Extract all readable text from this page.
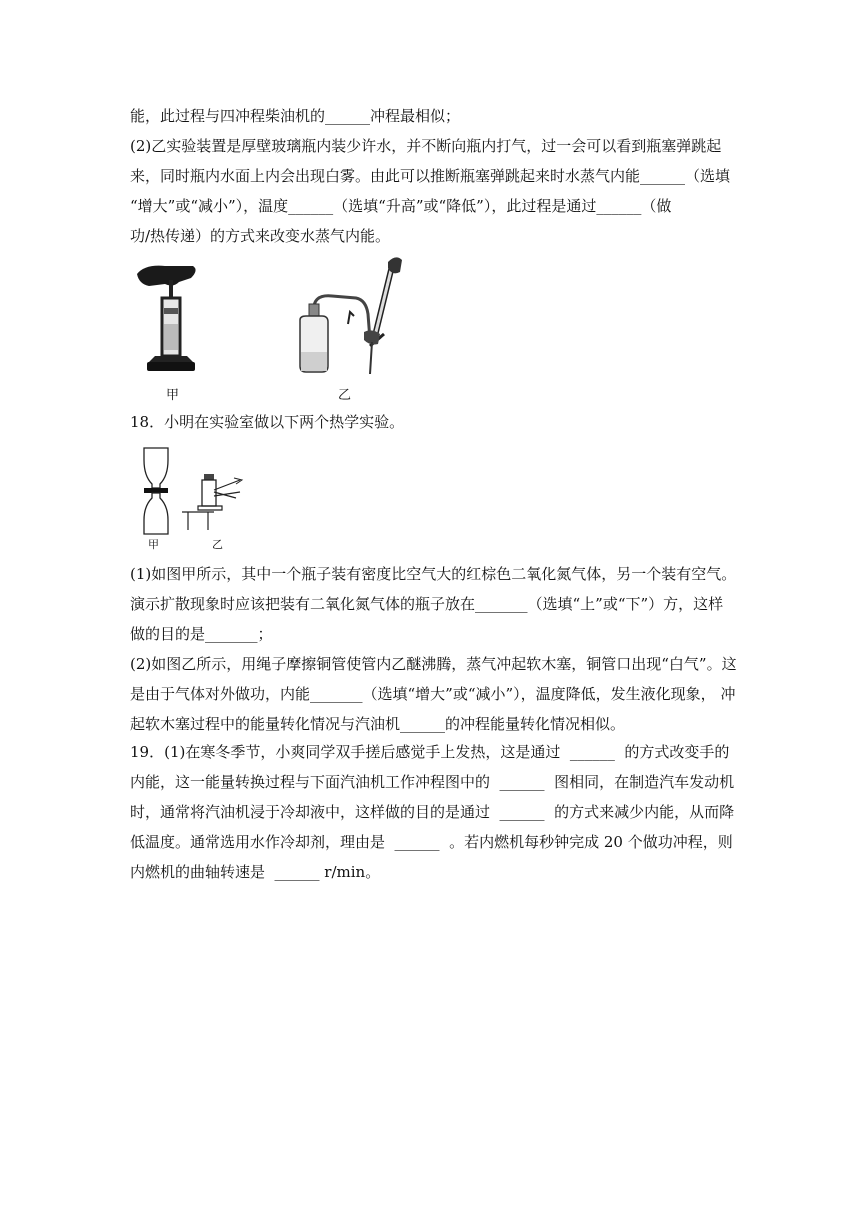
能，此过程与四冲程柴油机的______冲程最相似；
(2)乙实验装置是厚壁玻璃瓶内装少许水，并不断向瓶内打气，过一会可以看到瓶塞弹跳起
来，同时瓶内水面上内会出现白雾。由此可以推断瓶塞弹跳起来时水蒸气内能______（选填
“增大”或“减小”），温度______（选填“升高”或“降低”），此过程是通过______（做
功/热传递）的方式来改变水蒸气内能。
甲	乙
18．小明在实验室做以下两个热学实验。
甲	乙
(1)如图甲所示，其中一个瓶子装有密度比空气大的红棕色二氧化氮气体，另一个装有空气。
演示扩散现象时应该把装有二氧化氮气体的瓶子放在_______（选填“上”或“下”）方，这样
做的目的是_______；
(2)如图乙所示，用绳子摩擦铜管使管内乙醚沸腾，蒸气冲起软木塞，铜管口出现“白气”。这
是由于气体对外做功，内能_______（选填“增大”或“减小”），温度降低，发生液化现象， 冲
起软木塞过程中的能量转化情况与汽油机______的冲程能量转化情况相似。
19．(1)在寒冬季节，小爽同学双手搓后感觉手上发热，这是通过  ______  的方式改变手的
内能，这一能量转换过程与下面汽油机工作冲程图中的  ______  图相同，在制造汽车发动机
时，通常将汽油机浸于冷却液中，这样做的目的是通过  ______  的方式来减少内能，从而降
低温度。通常选用水作冷却剂，理由是  ______  。若内燃机每秒钟完成 20 个做功冲程，则
内燃机的曲轴转速是  ______ r/min。
